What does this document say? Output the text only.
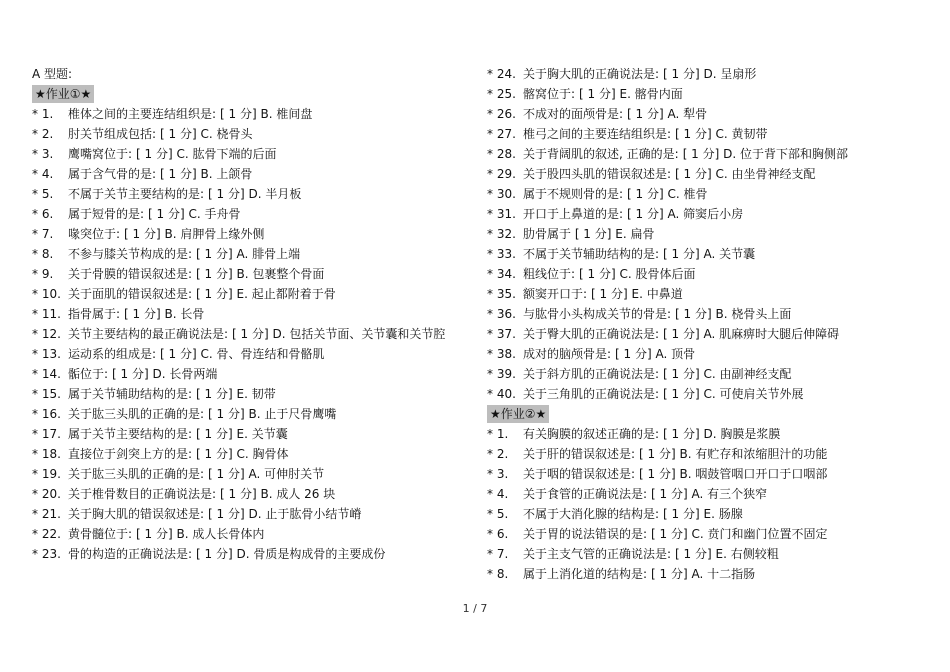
A 型题:
★作业①★
* 1. 椎体之间的主要连结组织是: [ 1 分] B. 椎间盘
* 2. 肘关节组成包括: [ 1 分] C. 桡骨头
* 3. 鹰嘴窝位于: [ 1 分] C. 肱骨下端的后面
* 4. 属于含气骨的是: [ 1 分] B. 上颌骨
* 5. 不属于关节主要结构的是: [ 1 分] D. 半月板
* 6. 属于短骨的是: [ 1 分] C. 手舟骨
* 7. 喙突位于: [ 1 分] B. 肩胛骨上缘外侧
* 8. 不参与膝关节构成的是: [ 1 分] A. 腓骨上端
* 9. 关于骨膜的错误叙述是: [ 1 分] B. 包裹整个骨面
* 10. 关于面肌的错误叙述是: [ 1 分] E. 起止都附着于骨
* 11. 指骨属于: [ 1 分] B. 长骨
* 12. 关节主要结构的最正确说法是: [ 1 分] D. 包括关节面、关节囊和关节腔
* 13. 运动系的组成是: [ 1 分] C. 骨、骨连结和骨骼肌
* 14. 骺位于: [ 1 分] D. 长骨两端
* 15. 属于关节辅助结构的是: [ 1 分] E. 韧带
* 16. 关于肱三头肌的正确的是: [ 1 分] B. 止于尺骨鹰嘴
* 17. 属于关节主要结构的是: [ 1 分] E. 关节囊
* 18. 直接位于剑突上方的是: [ 1 分] C. 胸骨体
* 19. 关于肱三头肌的正确的是: [ 1 分] A. 可伸肘关节
* 20. 关于椎骨数目的正确说法是: [ 1 分] B. 成人 26 块
* 21. 关于胸大肌的错误叙述是: [ 1 分] D. 止于肱骨小结节嵴
* 22. 黄骨髓位于: [ 1 分] B. 成人长骨体内
* 23. 骨的构造的正确说法是: [ 1 分] D. 骨质是构成骨的主要成份
* 24. 关于胸大肌的正确说法是: [ 1 分] D. 呈扇形
* 25. 髂窝位于: [ 1 分] E. 髂骨内面
* 26. 不成对的面颅骨是: [ 1 分] A. 犁骨
* 27. 椎弓之间的主要连结组织是: [ 1 分] C. 黄韧带
* 28. 关于背阔肌的叙述, 正确的是: [ 1 分] D. 位于背下部和胸侧部
* 29. 关于股四头肌的错误叙述是: [ 1 分] C. 由坐骨神经支配
* 30. 属于不规则骨的是: [ 1 分] C. 椎骨
* 31. 开口于上鼻道的是: [ 1 分] A. 筛窦后小房
* 32. 肋骨属于 [ 1 分] E. 扁骨
* 33. 不属于关节辅助结构的是: [ 1 分] A. 关节囊
* 34. 粗线位于: [ 1 分] C. 股骨体后面
* 35. 额窦开口于: [ 1 分] E. 中鼻道
* 36. 与肱骨小头构成关节的骨是: [ 1 分] B. 桡骨头上面
* 37. 关于臀大肌的正确说法是: [ 1 分] A. 肌麻痹时大腿后伸障碍
* 38. 成对的脑颅骨是: [ 1 分] A. 顶骨
* 39. 关于斜方肌的正确说法是: [ 1 分] C. 由副神经支配
* 40. 关于三角肌的正确说法是: [ 1 分] C. 可使肩关节外展
★作业②★
* 1. 有关胸膜的叙述正确的是: [ 1 分] D. 胸膜是浆膜
* 2. 关于肝的错误叙述是: [ 1 分] B. 有贮存和浓缩胆汁的功能
* 3. 关于咽的错误叙述是: [ 1 分] B. 咽鼓管咽口开口于口咽部
* 4. 关于食管的正确说法是: [ 1 分] A. 有三个狭窄
* 5. 不属于大消化腺的结构是: [ 1 分] E. 肠腺
* 6. 关于胃的说法错误的是: [ 1 分] C. 贲门和幽门位置不固定
* 7. 关于主支气管的正确说法是: [ 1 分] E. 右侧较粗
* 8. 属于上消化道的结构是: [ 1 分] A. 十二指肠
1 / 7
